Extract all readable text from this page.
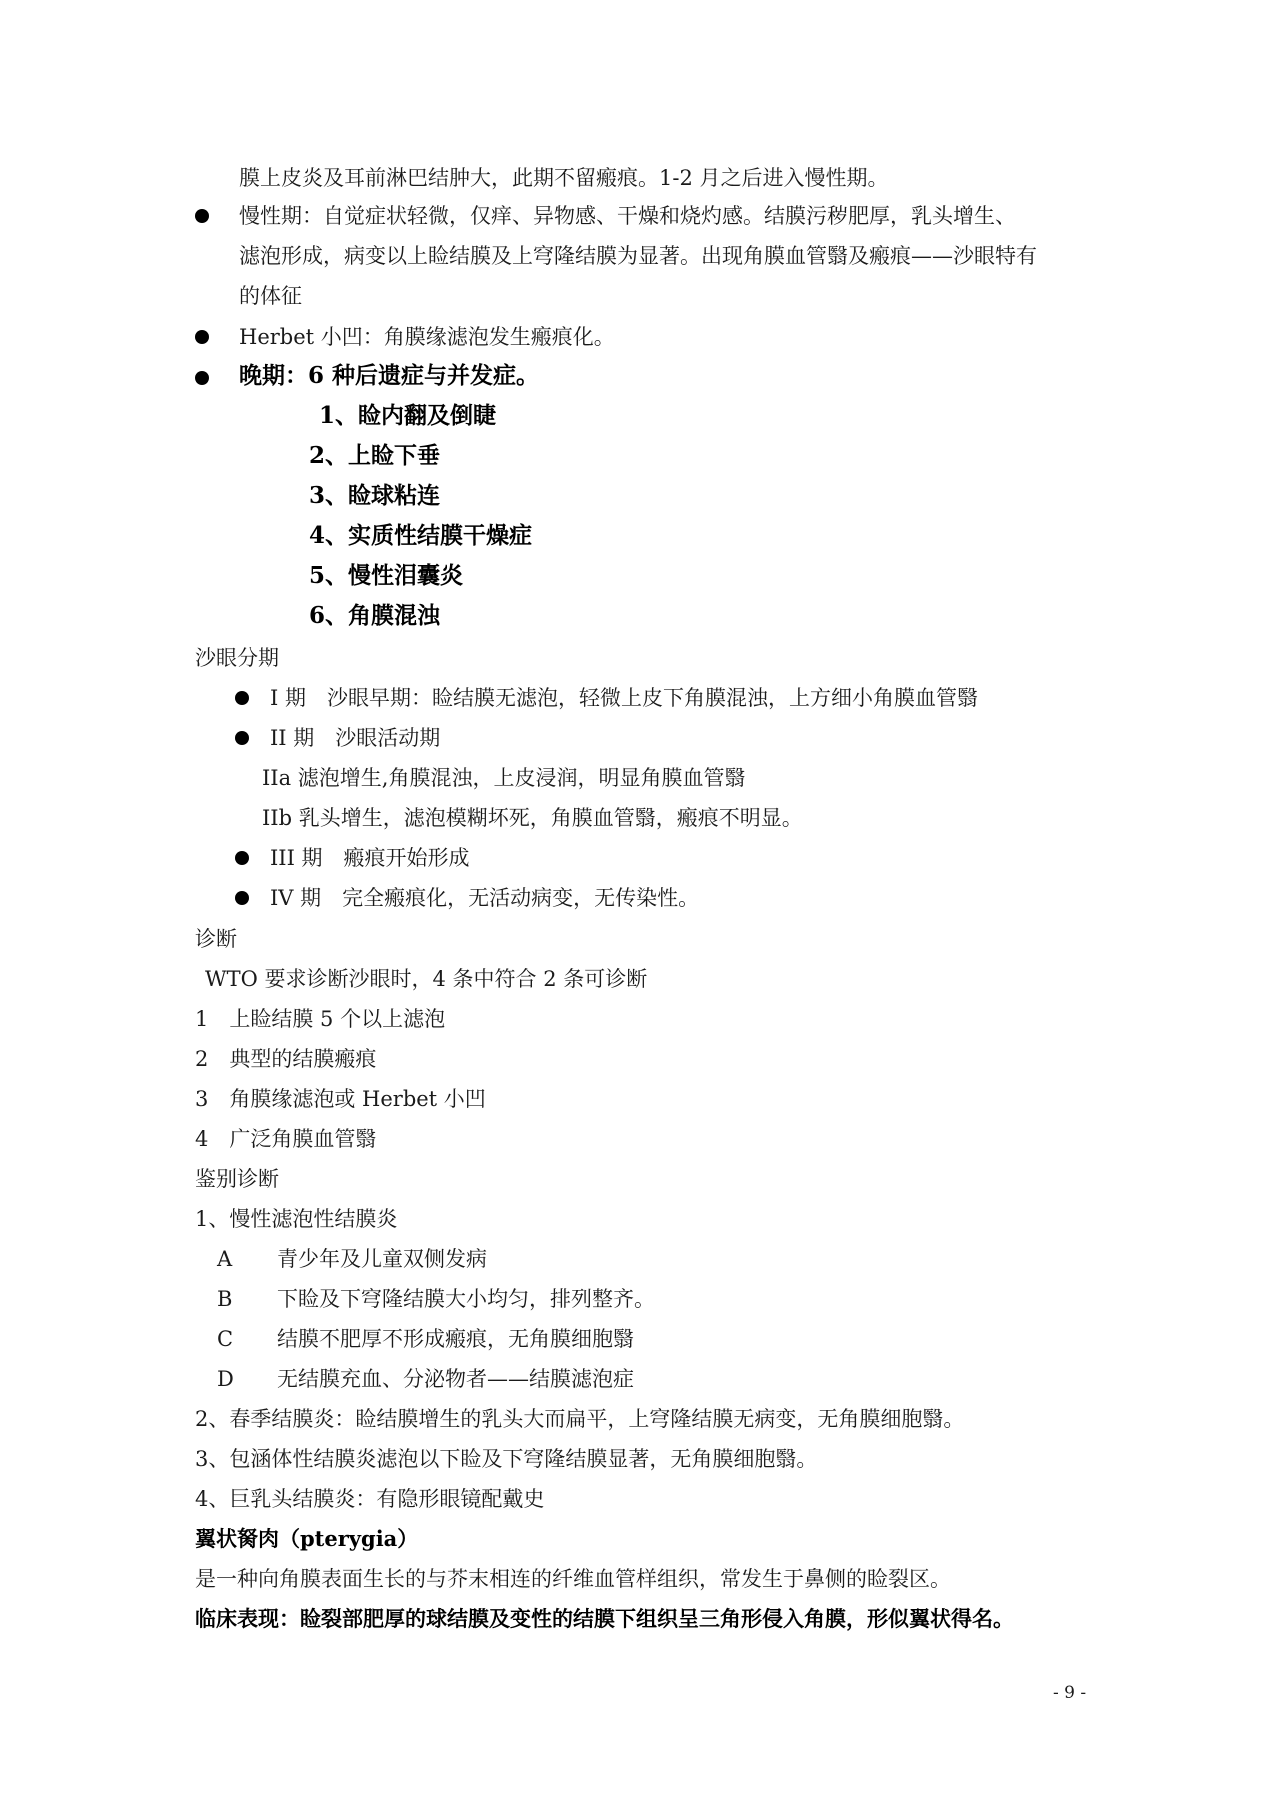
膜上皮炎及耳前淋巴结肿大，此期不留瘢痕。1-2 月之后进入慢性期。
慢性期：自觉症状轻微，仅痒、异物感、干燥和烧灼感。结膜污秽肥厚，乳头增生、
滤泡形成，病变以上睑结膜及上穹隆结膜为显著。出现角膜血管翳及瘢痕——沙眼特有
的体征
Herbet 小凹：角膜缘滤泡发生瘢痕化。
晚期：6 种后遗症与并发症。
1、睑内翻及倒睫
2、上睑下垂
3、睑球粘连
4、实质性结膜干燥症
5、慢性泪囊炎
6、角膜混浊
沙眼分期
I 期　沙眼早期：睑结膜无滤泡，轻微上皮下角膜混浊，上方细小角膜血管翳
II 期　沙眼活动期
IIa 滤泡增生,角膜混浊，上皮浸润，明显角膜血管翳
IIb 乳头增生，滤泡模糊坏死，角膜血管翳，瘢痕不明显。
III 期　瘢痕开始形成
IV 期　完全瘢痕化，无活动病变，无传染性。
诊断
WTO 要求诊断沙眼时，4 条中符合 2 条可诊断
1　上睑结膜 5 个以上滤泡
2　典型的结膜瘢痕
3　角膜缘滤泡或 Herbet 小凹
4　广泛角膜血管翳
鉴别诊断
1、慢性滤泡性结膜炎
A 青少年及儿童双侧发病
B 下睑及下穹隆结膜大小均匀，排列整齐。
C 结膜不肥厚不形成瘢痕，无角膜细胞翳
D 无结膜充血、分泌物者——结膜滤泡症
2、春季结膜炎：睑结膜增生的乳头大而扁平，上穹隆结膜无病变，无角膜细胞翳。
3、包涵体性结膜炎滤泡以下睑及下穹隆结膜显著，无角膜细胞翳。
4、巨乳头结膜炎：有隐形眼镜配戴史
翼状胬肉（pterygia）
是一种向角膜表面生长的与芥末相连的纤维血管样组织，常发生于鼻侧的睑裂区。
临床表现：睑裂部肥厚的球结膜及变性的结膜下组织呈三角形侵入角膜，形似翼状得名。
- 9 -
